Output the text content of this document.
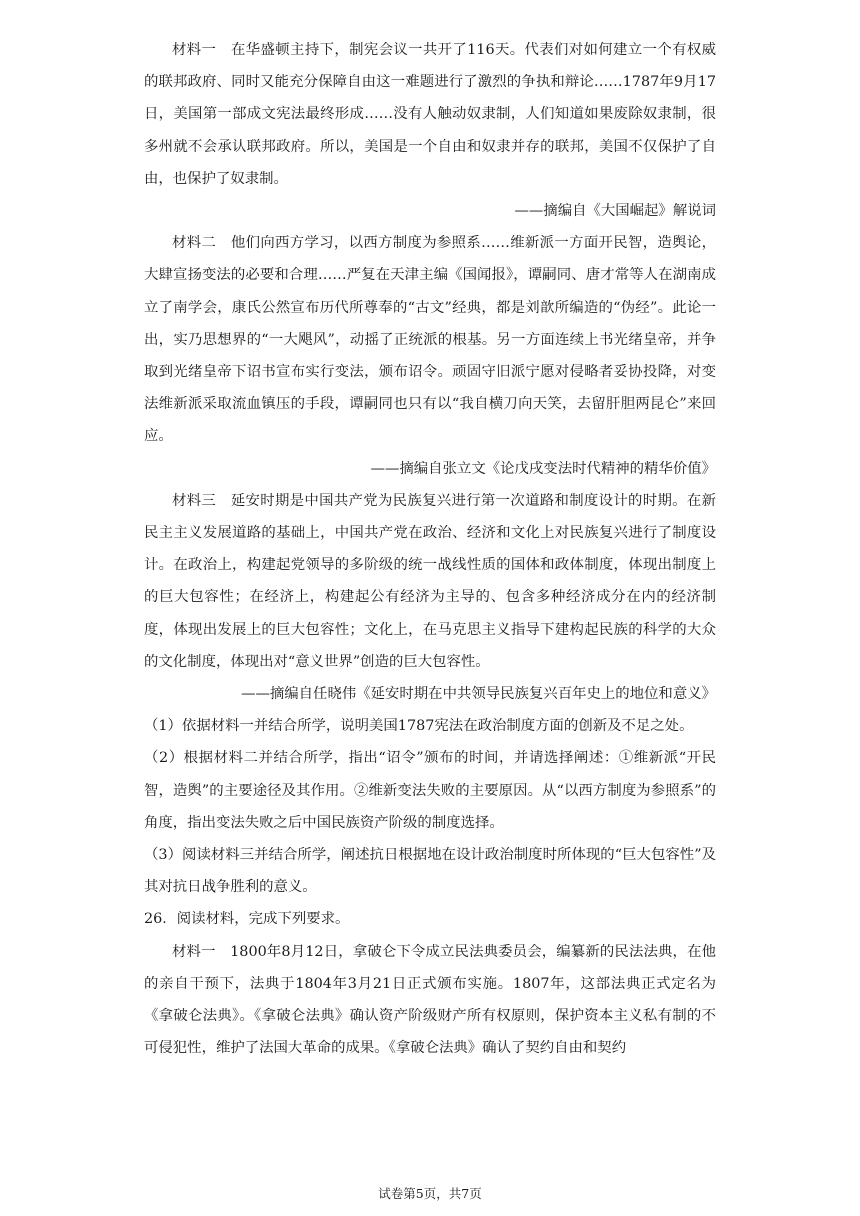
材料一　在华盛顿主持下，制宪会议一共开了116天。代表们对如何建立一个有权威的联邦政府、同时又能充分保障自由这一难题进行了激烈的争执和辩论……1787年9月17日，美国第一部成文宪法最终形成……没有人触动奴隶制，人们知道如果废除奴隶制，很多州就不会承认联邦政府。所以，美国是一个自由和奴隶并存的联邦，美国不仅保护了自由，也保护了奴隶制。

——摘编自《大国崛起》解说词

材料二　他们向西方学习，以西方制度为参照系……维新派一方面开民智，造舆论，大肆宣扬变法的必要和合理……严复在天津主编《国闻报》，谭嗣同、唐才常等人在湖南成立了南学会，康氏公然宣布历代所尊奉的“古文”经典，都是刘歆所编造的“伪经”。此论一出，实乃思想界的“一大飓风”，动摇了正统派的根基。另一方面连续上书光绪皇帝，并争取到光绪皇帝下诏书宣布实行变法，颁布诏令。顽固守旧派宁愿对侵略者妥协投降，对变法维新派采取流血镇压的手段，谭嗣同也只有以“我自横刀向天笑，去留肝胆两昆仑”来回应。

——摘编自张立文《论戊戌变法时代精神的精华价值》

材料三　延安时期是中国共产党为民族复兴进行第一次道路和制度设计的时期。在新民主主义发展道路的基础上，中国共产党在政治、经济和文化上对民族复兴进行了制度设计。在政治上，构建起党领导的多阶级的统一战线性质的国体和政体制度，体现出制度上的巨大包容性；在经济上，构建起公有经济为主导的、包含多种经济成分在内的经济制度，体现出发展上的巨大包容性；文化上，在马克思主义指导下建构起民族的科学的大众的文化制度，体现出对“意义世界”创造的巨大包容性。

——摘编自任晓伟《延安时期在中共领导民族复兴百年史上的地位和意义》

（1）依据材料一并结合所学，说明美国1787宪法在政治制度方面的创新及不足之处。

（2）根据材料二并结合所学，指出“诏令”颁布的时间，并请选择阐述：①维新派“开民智，造舆”的主要途径及其作用。②维新变法失败的主要原因。从“以西方制度为参照系”的角度，指出变法失败之后中国民族资产阶级的制度选择。

（3）阅读材料三并结合所学，阐述抗日根据地在设计政治制度时所体现的“巨大包容性”及其对抗日战争胜利的意义。

26．阅读材料，完成下列要求。

材料一　1800年8月12日，拿破仑下令成立民法典委员会，编纂新的民法法典，在他的亲自干预下，法典于1804年3月21日正式颁布实施。1807年，这部法典正式定名为《拿破仑法典》。《拿破仑法典》确认资产阶级财产所有权原则，保护资本主义私有制的不可侵犯性，维护了法国大革命的成果。《拿破仑法典》确认了契约自由和契约

试卷第5页，共7页
